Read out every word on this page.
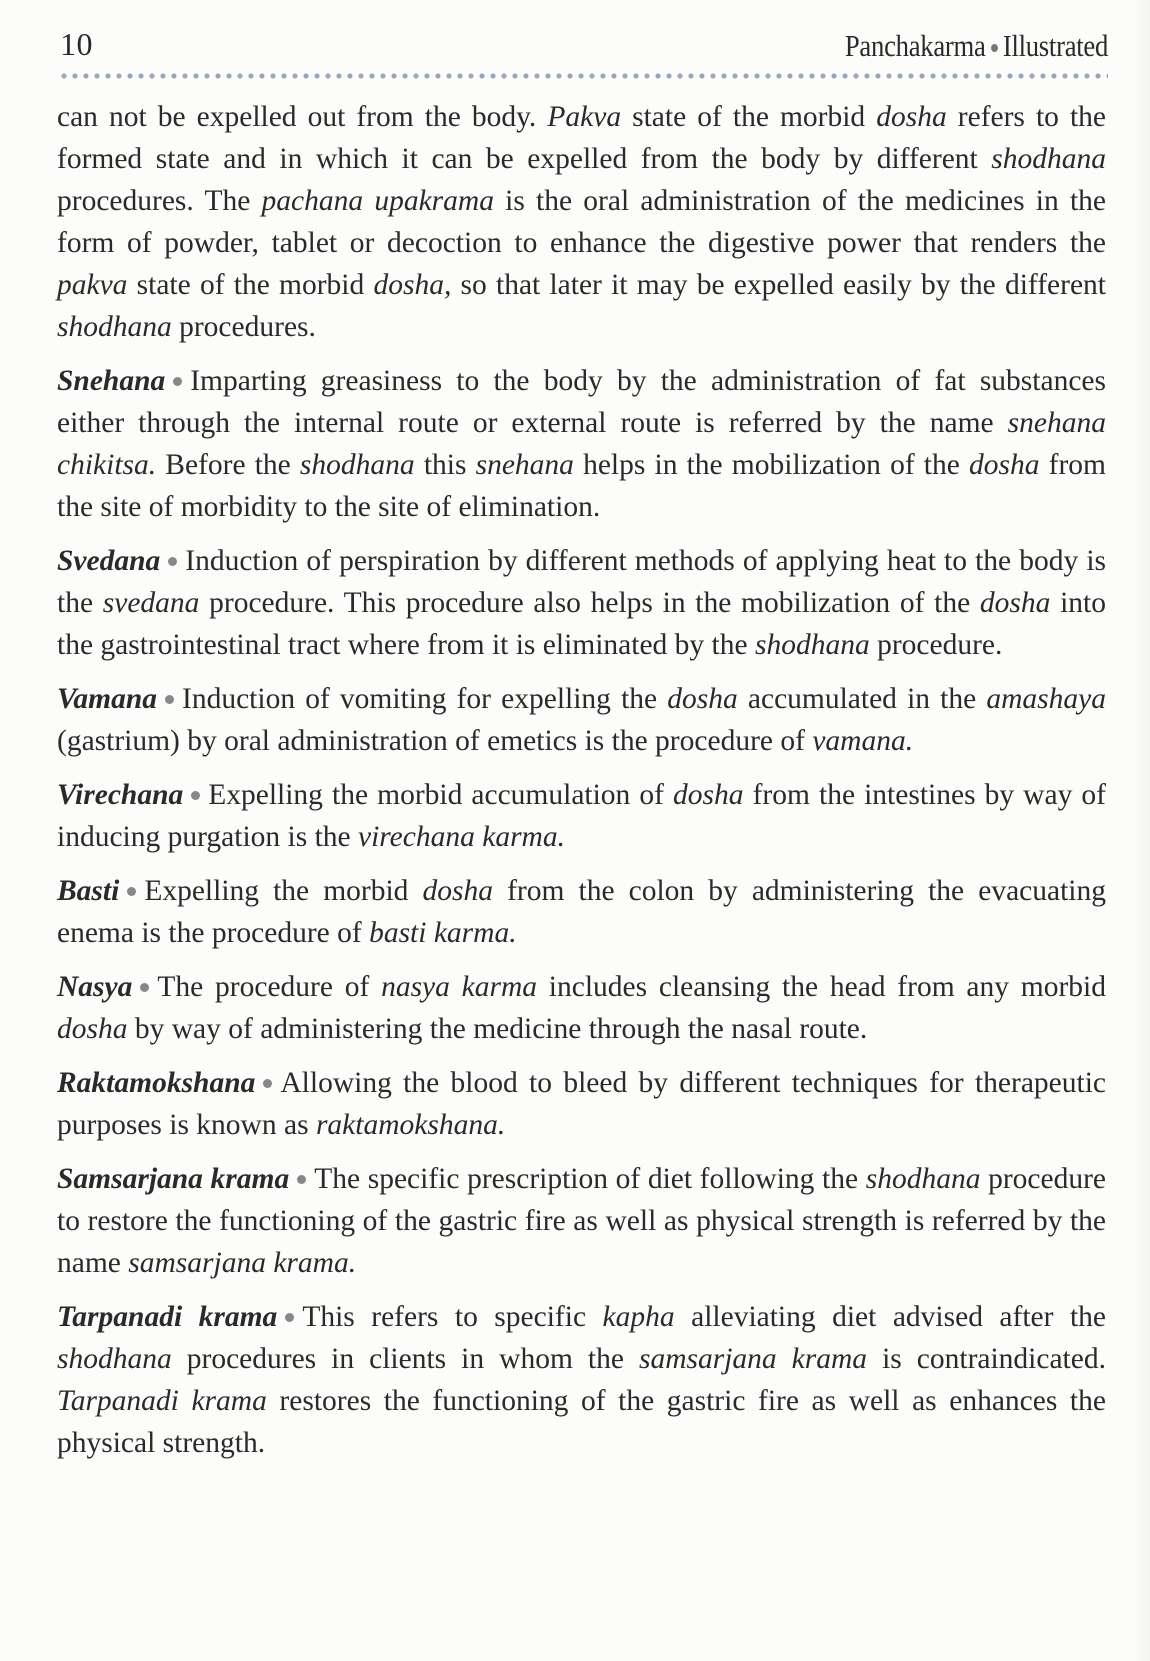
10	Panchakarma Illustrated

can not be expelled out from the body. Pakva state of the morbid dosha refers to the formed state and in which it can be expelled from the body by different shodhana procedures. The pachana upakrama is the oral administration of the medicines in the form of powder, tablet or decoction to enhance the digestive power that renders the pakva state of the morbid dosha, so that later it may be expelled easily by the different shodhana procedures.

Snehana Imparting greasiness to the body by the administration of fat substances either through the internal route or external route is referred by the name snehana chikitsa. Before the shodhana this snehana helps in the mobilization of the dosha from the site of morbidity to the site of elimination.

Svedana Induction of perspiration by different methods of applying heat to the body is the svedana procedure. This procedure also helps in the mobilization of the dosha into the gastrointestinal tract where from it is eliminated by the shodhana procedure.

Vamana Induction of vomiting for expelling the dosha accumulated in the amashaya (gastrium) by oral administration of emetics is the procedure of vamana.

Virechana Expelling the morbid accumulation of dosha from the intestines by way of inducing purgation is the virechana karma.

Basti Expelling the morbid dosha from the colon by administering the evacuating enema is the procedure of basti karma.

Nasya The procedure of nasya karma includes cleansing the head from any morbid dosha by way of administering the medicine through the nasal route.

Raktamokshana Allowing the blood to bleed by different techniques for therapeutic purposes is known as raktamokshana.

Samsarjana krama The specific prescription of diet following the shodhana procedure to restore the functioning of the gastric fire as well as physical strength is referred by the name samsarjana krama.

Tarpanadi krama This refers to specific kapha alleviating diet advised after the shodhana procedures in clients in whom the samsarjana krama is contraindicated. Tarpanadi krama restores the functioning of the gastric fire as well as enhances the physical strength.
